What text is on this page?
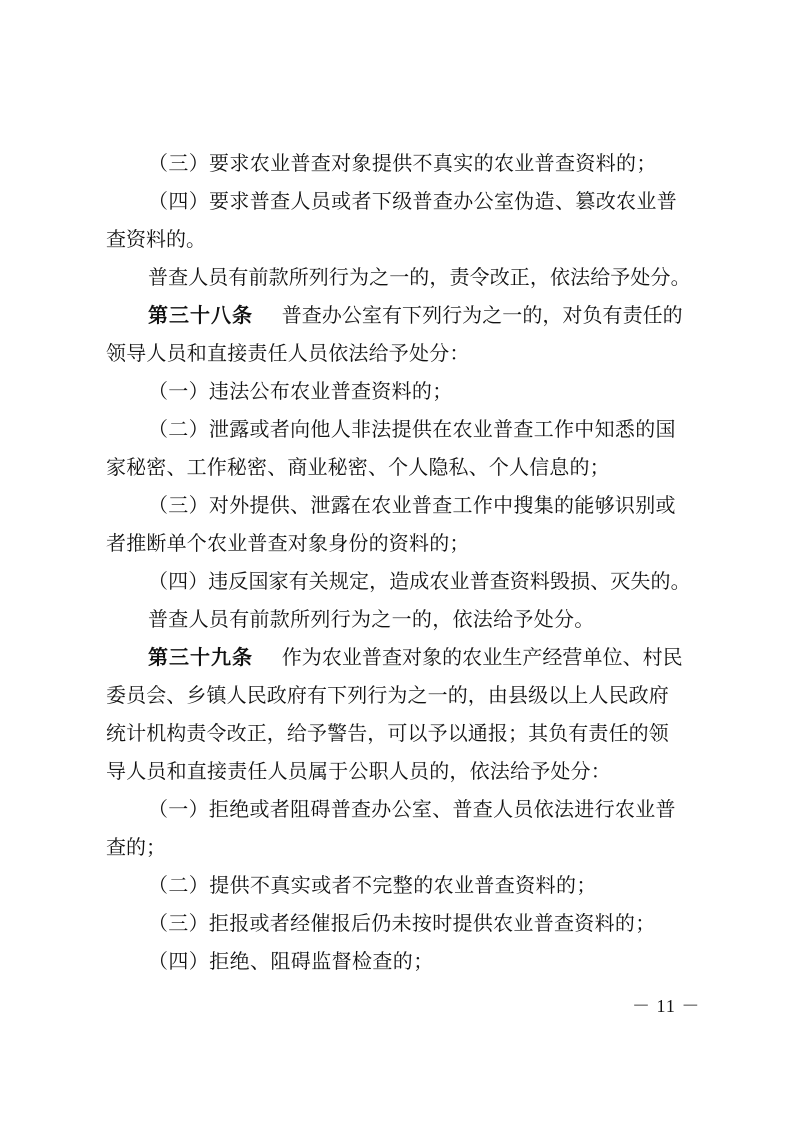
（三）要求农业普查对象提供不真实的农业普查资料的；
（四）要求普查人员或者下级普查办公室伪造、篡改农业普
查资料的。
普查人员有前款所列行为之一的，责令改正，依法给予处分。
第三十八条 普查办公室有下列行为之一的，对负有责任的
领导人员和直接责任人员依法给予处分：
（一）违法公布农业普查资料的；
（二）泄露或者向他人非法提供在农业普查工作中知悉的国
家秘密、工作秘密、商业秘密、个人隐私、个人信息的；
（三）对外提供、泄露在农业普查工作中搜集的能够识别或
者推断单个农业普查对象身份的资料的；
（四）违反国家有关规定，造成农业普查资料毁损、灭失的。
普查人员有前款所列行为之一的，依法给予处分。
第三十九条 作为农业普查对象的农业生产经营单位、村民
委员会、乡镇人民政府有下列行为之一的，由县级以上人民政府
统计机构责令改正，给予警告，可以予以通报；其负有责任的领
导人员和直接责任人员属于公职人员的，依法给予处分：
（一）拒绝或者阻碍普查办公室、普查人员依法进行农业普
查的；
（二）提供不真实或者不完整的农业普查资料的；
（三）拒报或者经催报后仍未按时提供农业普查资料的；
（四）拒绝、阻碍监督检查的；
－ 11 －
